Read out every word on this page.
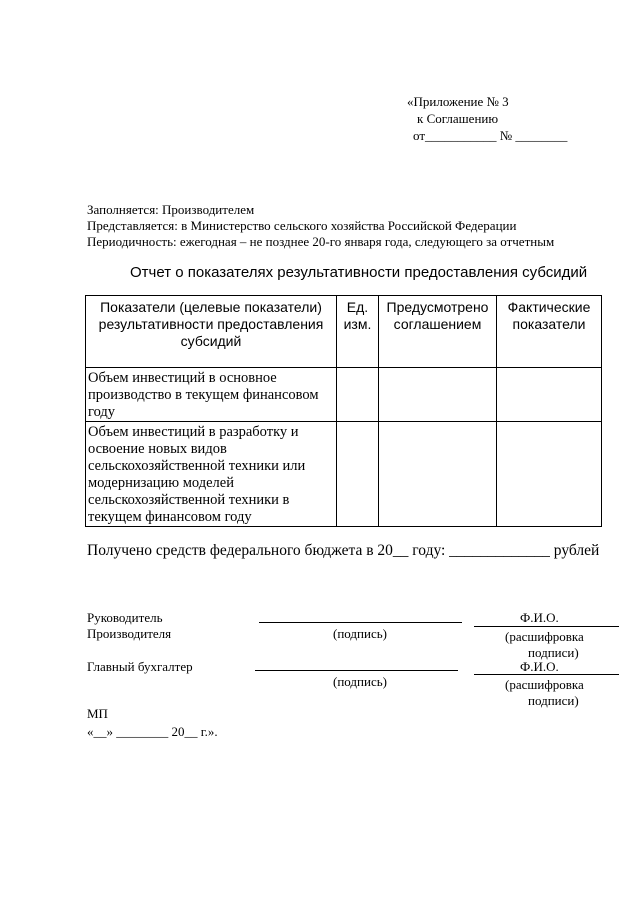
«Приложение № 3
к Соглашению
от___________ № ________
Заполняется: Производителем
Представляется: в Министерство сельского хозяйства Российской Федерации
Периодичность: ежегодная – не позднее 20-го января года, следующего за отчетным
Отчет о показателях результативности предоставления субсидий
Показатели (целевые показатели) результативности предоставления субсидий	Ед. изм.	Предусмотрено соглашением	Фактические показатели
Объем инвестиций в основное производство в текущем финансовом году			
Объем инвестиций в разработку и освоение новых видов сельскохозяйственной техники или модернизацию моделей сельскохозяйственной техники в текущем финансовом году			
Получено средств федерального бюджета в 20__ году: _____________ рублей
Руководитель
Производителя	(подпись)
Ф.И.О.
(расшифровка
подписи)
Главный бухгалтер
(подпись)
Ф.И.О.
(расшифровка
подписи)
МП
«__» ________ 20__ г.».
